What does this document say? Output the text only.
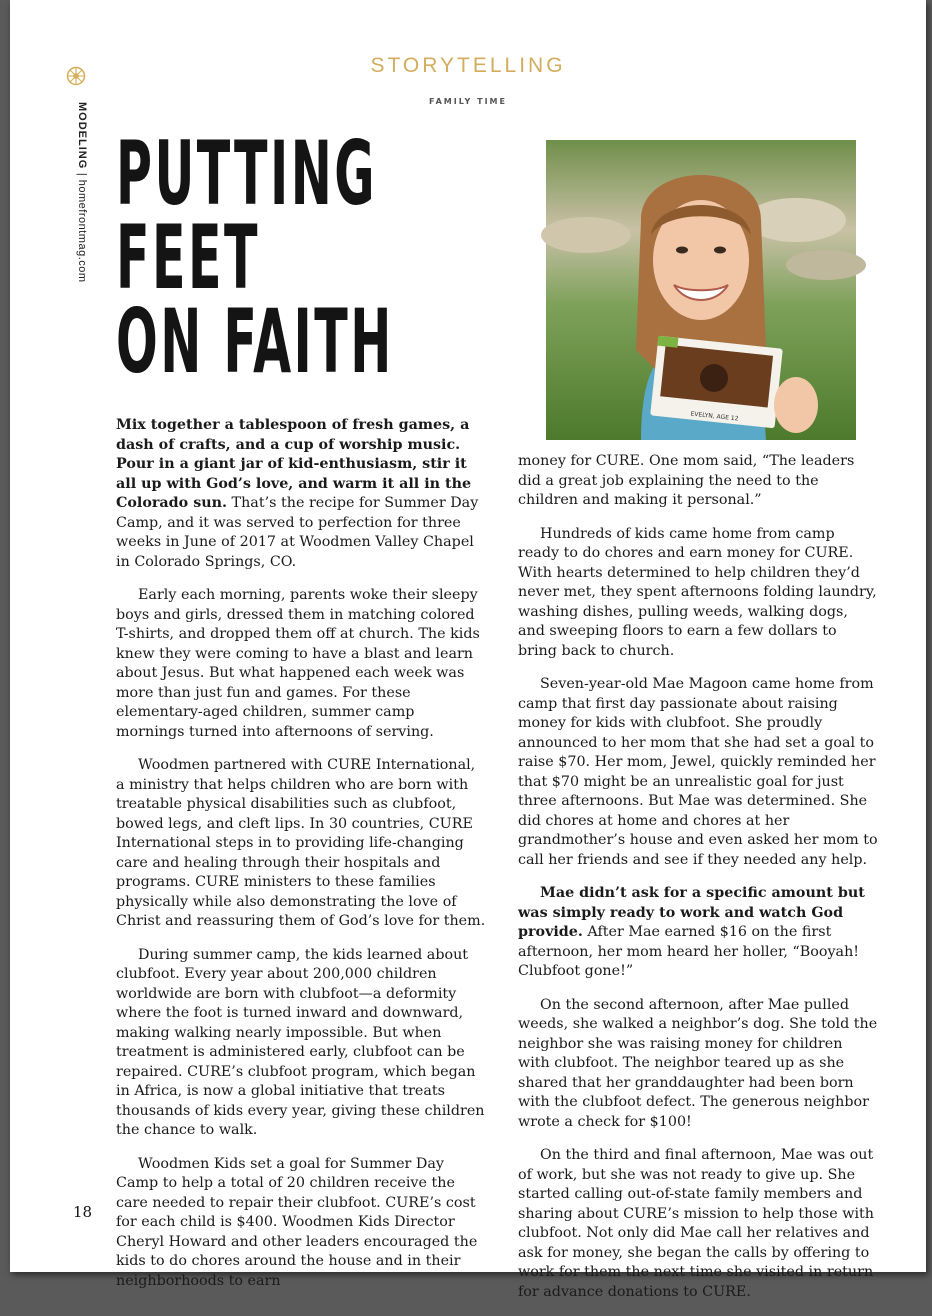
MODELING | homefrontmag.com
STORYTELLING
FAMILY TIME
PUTTING
FEET
ON FAITH
EVELYN, AGE 12

Mix together a tablespoon of fresh games, a dash of crafts, and a cup of worship music. Pour in a giant jar of kid-enthusiasm, stir it all up with God’s love, and warm it all in the Colorado sun. That’s the recipe for Summer Day Camp, and it was served to perfection for three weeks in June of 2017 at Woodmen Valley Chapel in Colorado Springs, CO.

Early each morning, parents woke their sleepy boys and girls, dressed them in matching colored T-shirts, and dropped them off at church. The kids knew they were coming to have a blast and learn about Jesus. But what happened each week was more than just fun and games. For these elementary-aged children, summer camp mornings turned into afternoons of serving.

Woodmen partnered with CURE International, a ministry that helps children who are born with treatable physical disabilities such as clubfoot, bowed legs, and cleft lips. In 30 countries, CURE International steps in to providing life-changing care and healing through their hospitals and programs. CURE ministers to these families physically while also demonstrating the love of Christ and reassuring them of God’s love for them.

During summer camp, the kids learned about clubfoot. Every year about 200,000 children worldwide are born with clubfoot—a deformity where the foot is turned inward and downward, making walking nearly impossible. But when treatment is administered early, clubfoot can be repaired. CURE’s clubfoot program, which began in Africa, is now a global initiative that treats thousands of kids every year, giving these children the chance to walk.

Woodmen Kids set a goal for Summer Day Camp to help a total of 20 children receive the care needed to repair their clubfoot. CURE’s cost for each child is $400. Woodmen Kids Director Cheryl Howard and other leaders encouraged the kids to do chores around the house and in their neighborhoods to earn

money for CURE. One mom said, “The leaders did a great job explaining the need to the children and making it personal.”

Hundreds of kids came home from camp ready to do chores and earn money for CURE. With hearts determined to help children they’d never met, they spent afternoons folding laundry, washing dishes, pulling weeds, walking dogs, and sweeping floors to earn a few dollars to bring back to church.

Seven-year-old Mae Magoon came home from camp that first day passionate about raising money for kids with clubfoot. She proudly announced to her mom that she had set a goal to raise $70. Her mom, Jewel, quickly reminded her that $70 might be an unrealistic goal for just three afternoons. But Mae was determined. She did chores at home and chores at her grandmother’s house and even asked her mom to call her friends and see if they needed any help.

Mae didn’t ask for a specific amount but was simply ready to work and watch God provide. After Mae earned $16 on the first afternoon, her mom heard her holler, “Booyah! Clubfoot gone!”

On the second afternoon, after Mae pulled weeds, she walked a neighbor’s dog. She told the neighbor she was raising money for children with clubfoot. The neighbor teared up as she shared that her granddaughter had been born with the clubfoot defect. The generous neighbor wrote a check for $100!

On the third and final afternoon, Mae was out of work, but she was not ready to give up. She started calling out-of-state family members and sharing about CURE’s mission to help those with clubfoot. Not only did Mae call her relatives and ask for money, she began the calls by offering to work for them the next time she visited in return for advance donations to CURE.

18
